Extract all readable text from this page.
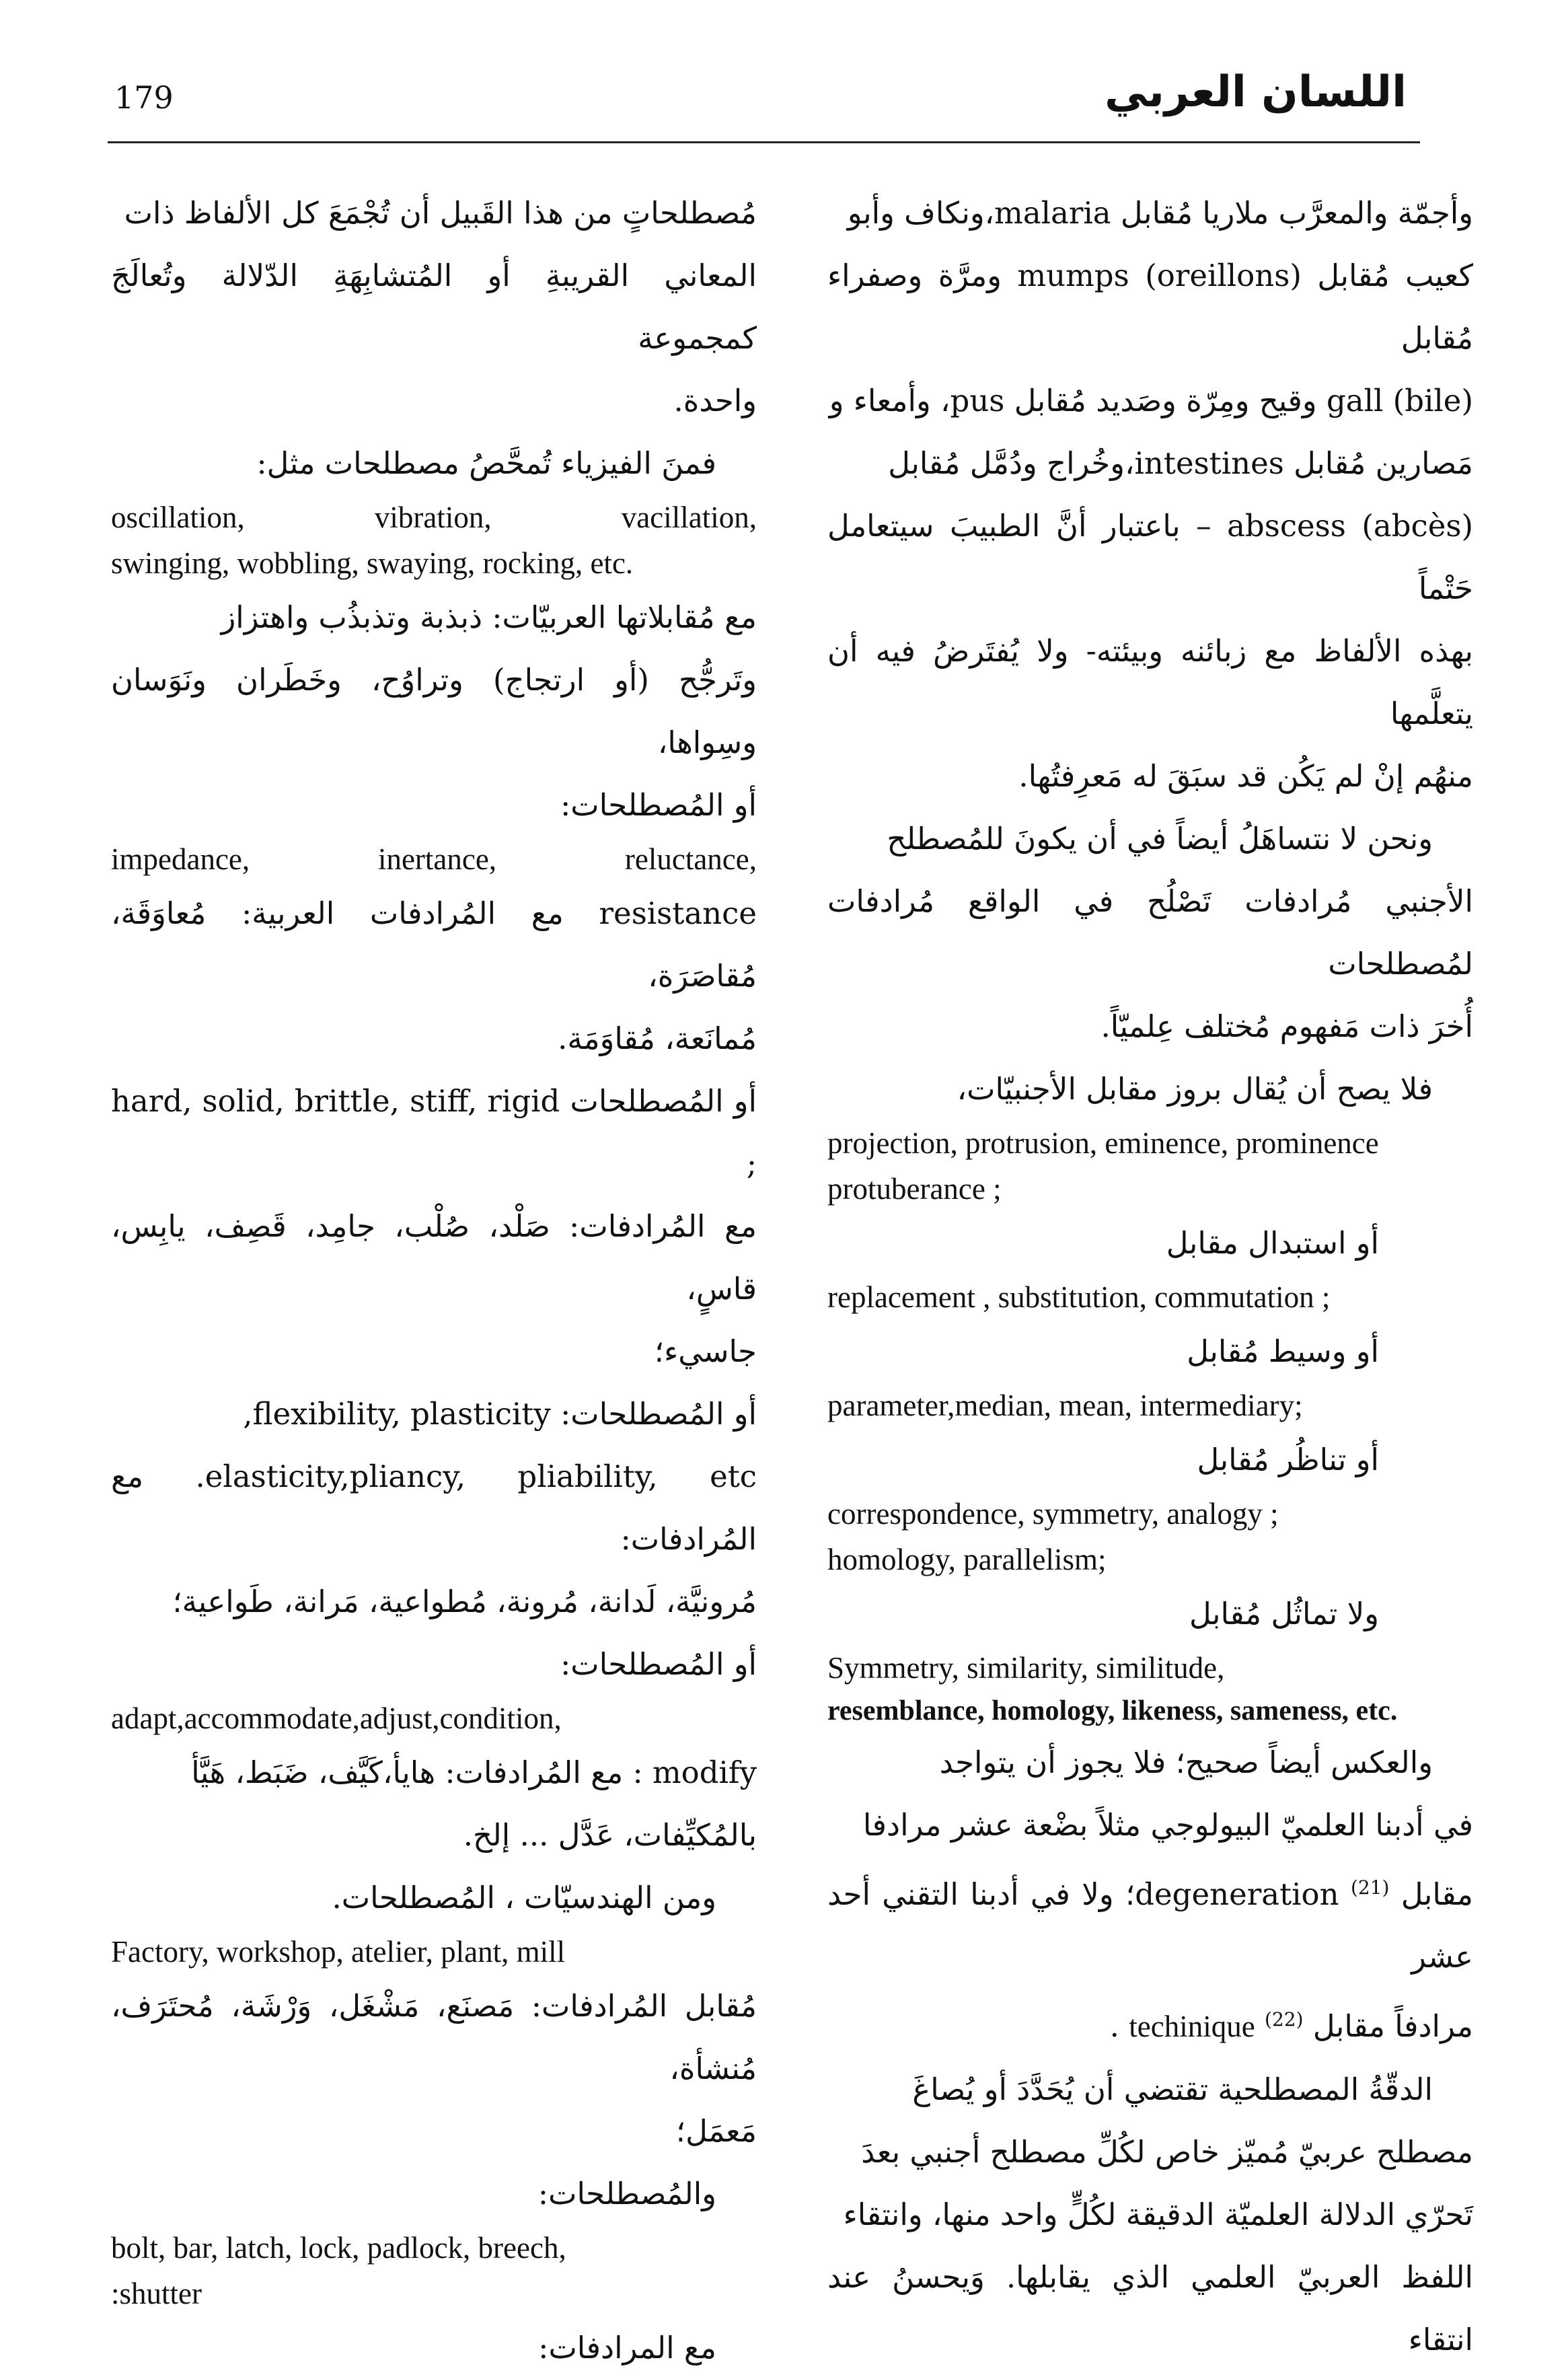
179	اللسان العربي

وأجمّة والمعرَّب ملاريا مُقابل malaria،ونكاف وأبو

كعيب مُقابل mumps (oreillons) ومرَّة وصفراء مُقابل

gall (bile) وقيح ومِرّة وصَديد مُقابل pus، وأمعاء و

مَصارين مُقابل intestines،وخُراج ودُمَّل مُقابل

abscess (abcès) – باعتبار أنَّ الطبيبَ سيتعامل حَتْماً

بهذه الألفاظ مع زبائنه وبيئته- ولا يُفتَرضُ فيه أن يتعلَّمها

منهُم إنْ لم يَكُن قد سبَقَ له مَعرِفتُها.

ونحن لا نتساهَلُ أيضاً في أن يكونَ للمُصطلح

الأجنبي مُرادفات تَصْلُح في الواقع مُرادفات لمُصطلحات

أُخرَ ذات مَفهوم مُختلف عِلميّاً.

فلا يصح أن يُقال بروز مقابل الأجنبيّات،

projection, protrusion, eminence, prominence protuberance ;

أو استبدال مقابل

replacement , substitution, commutation ;

أو وسيط مُقابل

parameter,median, mean, intermediary;

أو تناظُر مُقابل

correspondence, symmetry, analogy ;

homology, parallelism;

ولا تماثُل مُقابل

Symmetry, similarity, similitude,

resemblance, homology, likeness, sameness, etc.

والعكس أيضاً صحيح؛ فلا يجوز أن يتواجد

في أدبنا العلميّ البيولوجي مثلاً بضْعة عشر مرادفا

مقابل $^{(21)}$ degeneration؛ ولا في أدبنا التقني أحد عشر

مرادفاً مقابل techinique $^{(22)}$ .

الدقّةُ المصطلحية تقتضي أن يُحَدَّدَ أو يُصاغَ

مصطلح عربيّ مُميّز خاص لكُلِّ مصطلح أجنبي بعدَ

تَحرّي الدلالة العلميّة الدقيقة لكُلٍّ واحد منها، وانتقاء

اللفظ العربيّ العلمي الذي يقابلها. وَيحسنُ عند انتقاء

مُصطلحاتٍ من هذا القَبيل أن تُجْمَعَ كل الألفاظ ذات

المعاني القريبةِ أو المُتشابِهَةِ الدّلالة وتُعالَجَ كمجموعة

واحدة.

فمنَ الفيزياء تُمحَّصُ مصطلحات مثل:

oscillation, vibration, vacillation,

swinging, wobbling, swaying, rocking, etc.

مع مُقابلاتها العربيّات: ذبذبة وتذبذُب واهتزاز

وتَرجُّح (أو ارتجاج) وتراوُح، وخَطَران ونَوَسان وسِواها،

أو المُصطلحات:

impedance, inertance, reluctance,

resistance مع المُرادفات العربية: مُعاوَقَة، مُقاصَرَة،

مُمانَعة، مُقاوَمَة.

أو المُصطلحات hard, solid, brittle, stiff, rigid ;

مع المُرادفات: صَلْد، صُلْب، جامِد، قَصِف، يابِس، قاسٍ،

جاسيء؛

أو المُصطلحات: flexibility, plasticity,

elasticity,pliancy, pliability, etc. مع المُرادفات:

مُرونيَّة، لَدانة، مُرونة، مُطواعية، مَرانة، طَواعية؛

أو المُصطلحات:

adapt,accommodate,adjust,condition,

modify : مع المُرادفات: هايأ،كَيَّف، ضَبَط، هَيَّأ

بالمُكيِّفات، عَدَّل ... إلخ.

ومن الهندسيّات ، المُصطلحات.

Factory, workshop, atelier, plant, mill

مُقابل المُرادفات: مَصنَع، مَشْغَل، وَرْشَة، مُحتَرَف، مُنشأة،

مَعمَل؛

والمُصطلحات:

bolt, bar, latch, lock, padlock, breech,

:shutter

مع المرادفات:
